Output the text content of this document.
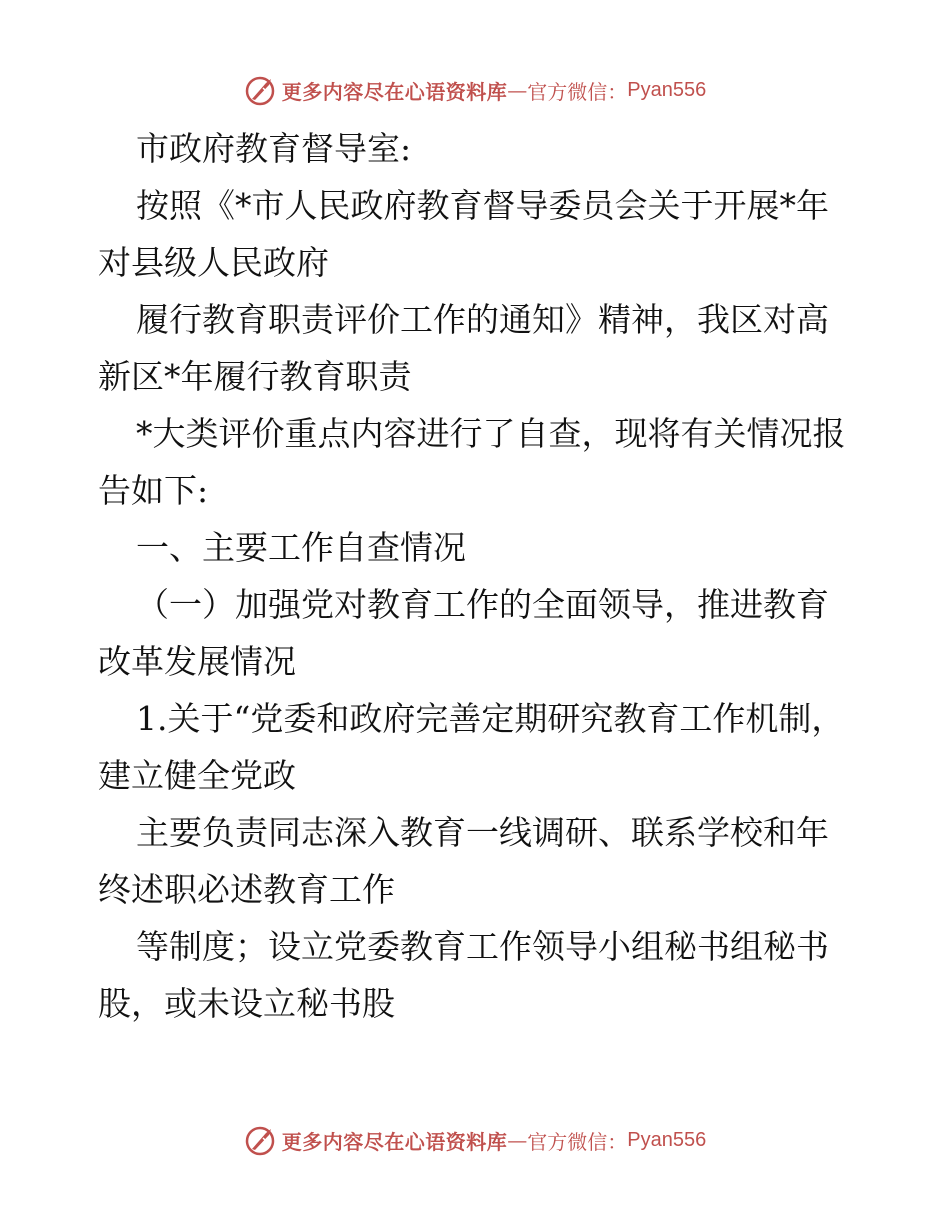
更多内容尽在心语资料库 — 官方微信： Pyan556

市政府教育督导室:

按照《*市人民政府教育督导委员会关于开展*年对县级人民政府

履行教育职责评价工作的通知》精神，我区对高新区*年履行教育职责

*大类评价重点内容进行了自查，现将有关情况报告如下:

一、主要工作自查情况

（一）加强党对教育工作的全面领导，推进教育改革发展情况

1.关于“党委和政府完善定期研究教育工作机制，建立健全党政

主要负责同志深入教育一线调研、联系学校和年终述职必述教育工作

等制度；设立党委教育工作领导小组秘书组秘书股，或未设立秘书股

更多内容尽在心语资料库 — 官方微信： Pyan556
